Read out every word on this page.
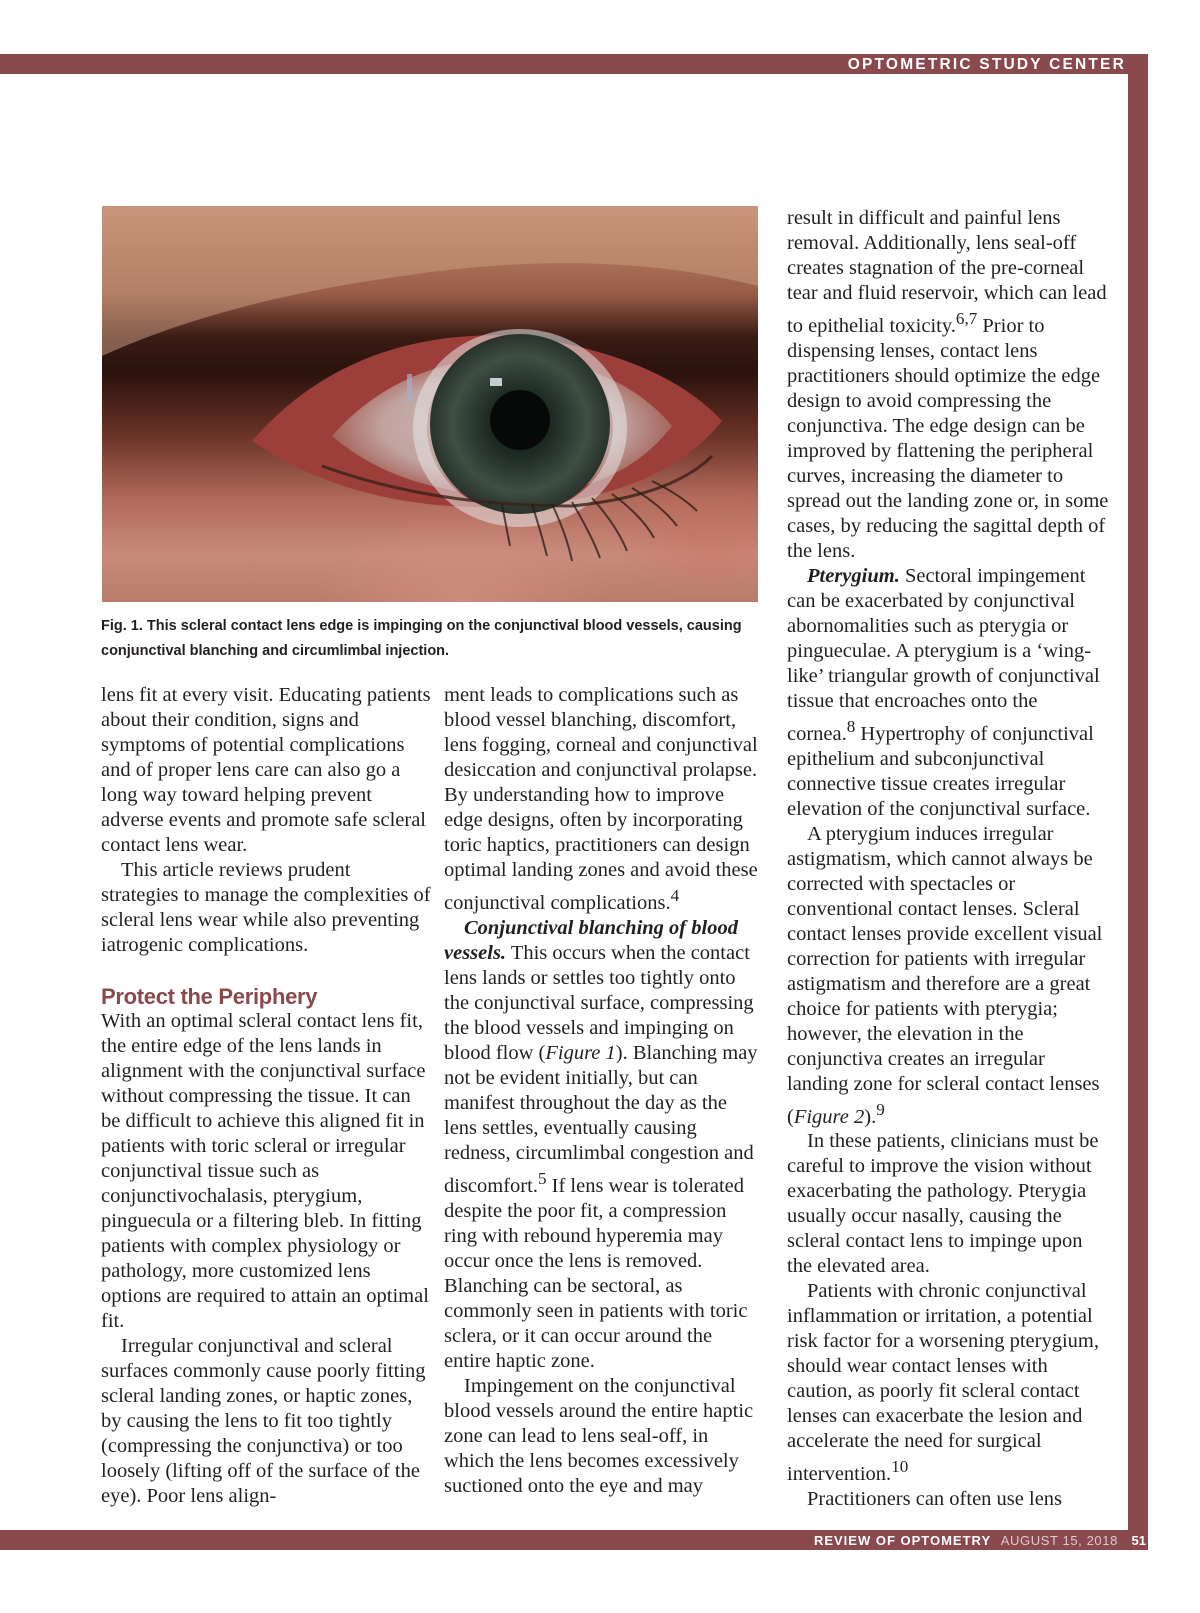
OPTOMETRIC STUDY CENTER

Fig. 1. This scleral contact lens edge is impinging on the conjunctival blood vessels, causing conjunctival blanching and circumlimbal injection.

lens fit at every visit. Educating patients about their condition, signs and symptoms of potential complications and of proper lens care can also go a long way toward helping prevent adverse events and promote safe scleral contact lens wear.

This article reviews prudent strategies to manage the complexities of scleral lens wear while also preventing iatrogenic complications.

Protect the Periphery

With an optimal scleral contact lens fit, the entire edge of the lens lands in alignment with the conjunctival surface without compressing the tissue. It can be difficult to achieve this aligned fit in patients with toric scleral or irregular conjunctival tissue such as conjunctivochalasis, pterygium, pinguecula or a filtering bleb. In fitting patients with complex physiology or pathology, more customized lens options are required to attain an optimal fit.

Irregular conjunctival and scleral surfaces commonly cause poorly fitting scleral landing zones, or haptic zones, by causing the lens to fit too tightly (compressing the conjunctiva) or too loosely (lifting off of the surface of the eye). Poor lens align-

ment leads to complications such as blood vessel blanching, discomfort, lens fogging, corneal and conjunctival desiccation and conjunctival prolapse. By understanding how to improve edge designs, often by incorporating toric haptics, practitioners can design optimal landing zones and avoid these conjunctival complications.$^4$

Conjunctival blanching of blood vessels. This occurs when the contact lens lands or settles too tightly onto the conjunctival surface, compressing the blood vessels and impinging on blood flow (Figure 1). Blanching may not be evident initially, but can manifest throughout the day as the lens settles, eventually causing redness, circumlimbal congestion and discomfort.$^5$ If lens wear is tolerated despite the poor fit, a compression ring with rebound hyperemia may occur once the lens is removed. Blanching can be sectoral, as commonly seen in patients with toric sclera, or it can occur around the entire haptic zone.

Impingement on the conjunctival blood vessels around the entire haptic zone can lead to lens seal-off, in which the lens becomes excessively suctioned onto the eye and may

result in difficult and painful lens removal. Additionally, lens seal-off creates stagnation of the pre-corneal tear and fluid reservoir, which can lead to epithelial toxicity.$^{6,7}$ Prior to dispensing lenses, contact lens practitioners should optimize the edge design to avoid compressing the conjunctiva. The edge design can be improved by flattening the peripheral curves, increasing the diameter to spread out the landing zone or, in some cases, by reducing the sagittal depth of the lens.

Pterygium. Sectoral impingement can be exacerbated by conjunctival abornomalities such as pterygia or pingueculae. A pterygium is a ‘wing-like’ triangular growth of conjunctival tissue that encroaches onto the cornea.$^8$ Hypertrophy of conjunctival epithelium and subconjunctival connective tissue creates irregular elevation of the conjunctival surface.

A pterygium induces irregular astigmatism, which cannot always be corrected with spectacles or conventional contact lenses. Scleral contact lenses provide excellent visual correction for patients with irregular astigmatism and therefore are a great choice for patients with pterygia; however, the elevation in the conjunctiva creates an irregular landing zone for scleral contact lenses (Figure 2).$^9$

In these patients, clinicians must be careful to improve the vision without exacerbating the pathology. Pterygia usually occur nasally, causing the scleral contact lens to impinge upon the elevated area.

Patients with chronic conjunctival inflammation or irritation, a potential risk factor for a worsening pterygium, should wear contact lenses with caution, as poorly fit scleral contact lenses can exacerbate the lesion and accelerate the need for surgical intervention.$^{10}$

Practitioners can often use lens

REVIEW OF OPTOMETRY AUGUST 15, 2018 51
